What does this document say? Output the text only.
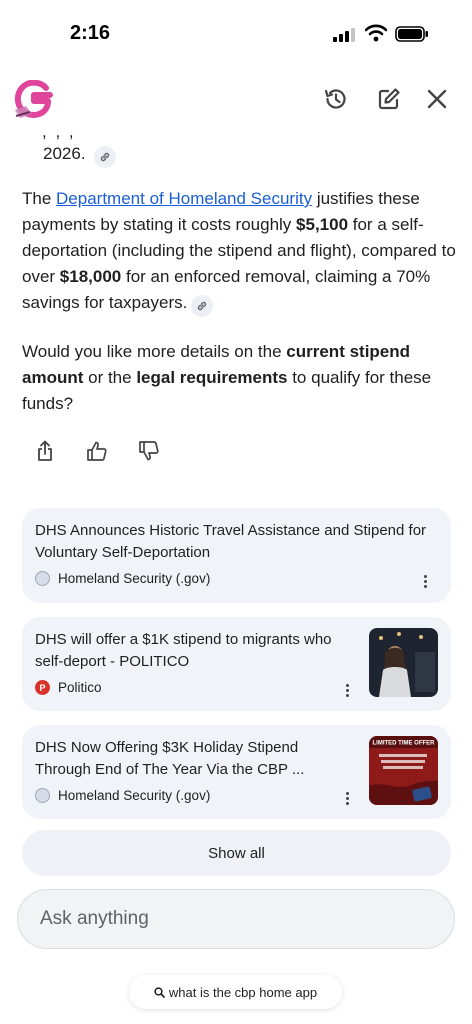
2:16
, , ,

2026.

The Department of Homeland Security justifies these payments by stating it costs roughly $5,100 for a self-deportation (including the stipend and flight), compared to over $18,000 for an enforced removal, claiming a 70% savings for taxpayers.

Would you like more details on the current stipend amount or the legal requirements to qualify for these funds?

DHS Announces Historic Travel Assistance and Stipend for Voluntary Self-Deportation
Homeland Security (.gov)
DHS will offer a $1K stipend to migrants who self-deport - POLITICO
P Politico
DHS Now Offering $3K Holiday Stipend Through End of The Year Via the CBP ...
Homeland Security (.gov)
LIMITED TIME OFFER
Show all
Ask anything
what is the cbp home app
